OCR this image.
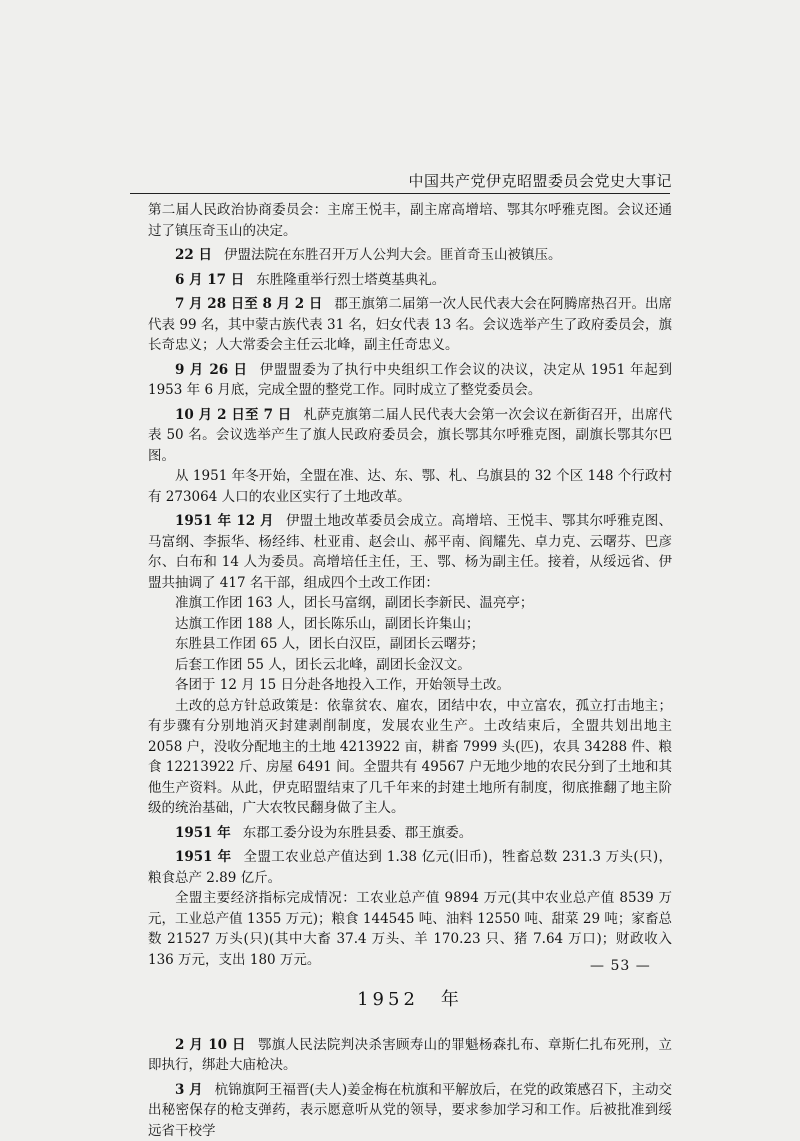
中国共产党伊克昭盟委员会党史大事记

第二届人民政治协商委员会：主席王悦丰，副主席高增培、鄂其尔呼雅克图。会议还通过了镇压奇玉山的决定。

22 日 伊盟法院在东胜召开万人公判大会。匪首奇玉山被镇压。

6 月 17 日 东胜隆重举行烈士塔奠基典礼。

7 月 28 日至 8 月 2 日 郡王旗第二届第一次人民代表大会在阿腾席热召开。出席代表 99 名，其中蒙古族代表 31 名，妇女代表 13 名。会议选举产生了政府委员会，旗长奇忠义；人大常委会主任云北峰，副主任奇忠义。

9 月 26 日 伊盟盟委为了执行中央组织工作会议的决议，决定从 1951 年起到 1953 年 6 月底，完成全盟的整党工作。同时成立了整党委员会。

10 月 2 日至 7 日 札萨克旗第二届人民代表大会第一次会议在新街召开，出席代表 50 名。会议选举产生了旗人民政府委员会，旗长鄂其尔呼雅克图，副旗长鄂其尔巴图。

从 1951 年冬开始，全盟在准、达、东、鄂、札、乌旗县的 32 个区 148 个行政村有 273064 人口的农业区实行了土地改革。

1951 年 12 月 伊盟土地改革委员会成立。高增培、王悦丰、鄂其尔呼雅克图、马富纲、李振华、杨经纬、杜亚甫、赵会山、郝平南、阎耀先、卓力克、云曙芬、巴彦尔、白布和 14 人为委员。高增培任主任，王、鄂、杨为副主任。接着，从绥远省、伊盟共抽调了 417 名干部，组成四个土改工作团：

准旗工作团 163 人，团长马富纲，副团长李新民、温亮亭；

达旗工作团 188 人，团长陈乐山，副团长许集山；

东胜县工作团 65 人，团长白汉臣，副团长云曙芬；

后套工作团 55 人，团长云北峰，副团长金汉文。

各团于 12 月 15 日分赴各地投入工作，开始领导土改。

土改的总方针总政策是：依靠贫农、雇农，团结中农，中立富农，孤立打击地主；有步骤有分别地消灭封建剥削制度，发展农业生产。土改结束后，全盟共划出地主 2058 户，没收分配地主的土地 4213922 亩，耕畜 7999 头(匹)，农具 34288 件、粮食 12213922 斤、房屋 6491 间。全盟共有 49567 户无地少地的农民分到了土地和其他生产资料。从此，伊克昭盟结束了几千年来的封建土地所有制度，彻底推翻了地主阶级的统治基础，广大农牧民翻身做了主人。

1951 年 东郡工委分设为东胜县委、郡王旗委。

1951 年 全盟工农业总产值达到 1.38 亿元(旧币)，牲畜总数 231.3 万头(只)，粮食总产 2.89 亿斤。

全盟主要经济指标完成情况：工农业总产值 9894 万元(其中农业总产值 8539 万元，工业总产值 1355 万元)；粮食 144545 吨、油料 12550 吨、甜菜 29 吨；家畜总数 21527 万头(只)(其中大畜 37.4 万头、羊 170.23 只、猪 7.64 万口)；财政收入 136 万元，支出 180 万元。

1952　年

2 月 10 日 鄂旗人民法院判决杀害顾寿山的罪魁杨森扎布、章斯仁扎布死刑，立即执行，绑赴大庙枪决。

3 月 杭锦旗阿王福晋(夫人)姜金梅在杭旗和平解放后，在党的政策感召下，主动交出秘密保存的枪支弹药，表示愿意听从党的领导，要求参加学习和工作。后被批准到绥远省干校学

— 53 —
